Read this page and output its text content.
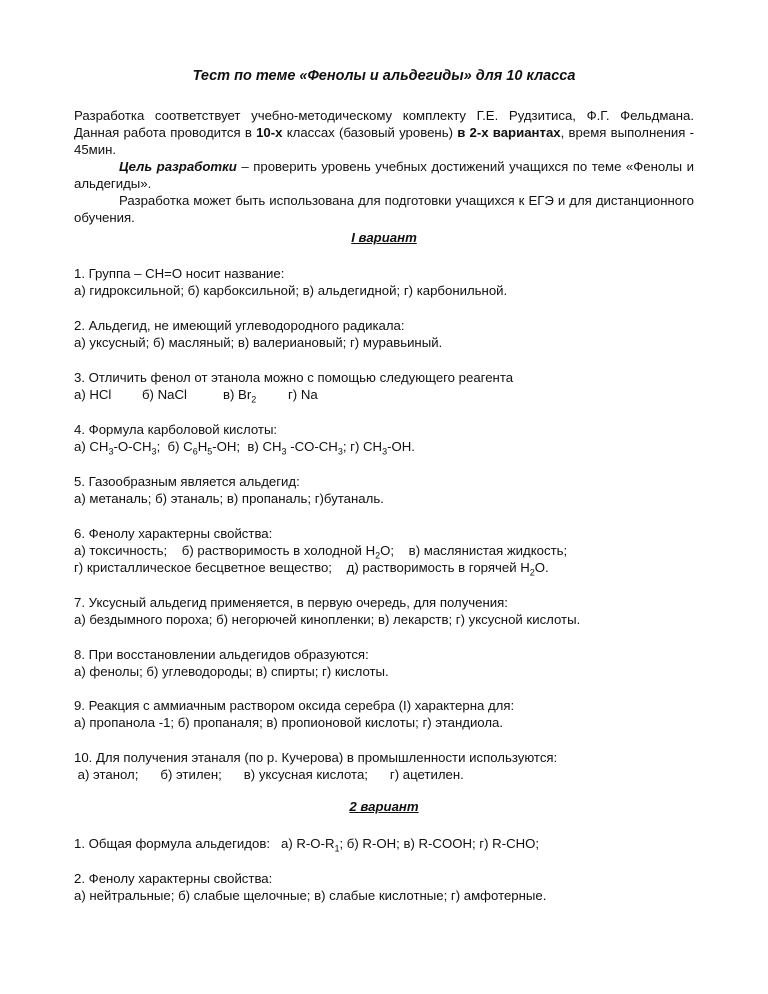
Тест по теме «Фенолы и альдегиды» для 10 класса

Разработка соответствует учебно-методическому комплекту Г.Е. Рудзитиса, Ф.Г. Фельдмана. Данная работа проводится в 10-х классах (базовый уровень) в 2-х вариантах, время выполнения - 45мин.

Цель разработки – проверить уровень учебных достижений учащихся по теме «Фенолы и альдегиды».

Разработка может быть использована для подготовки учащихся к ЕГЭ и для дистанционного обучения.

I вариант
1. Группа – СН=О носит название:
а) гидроксильной; б) карбоксильной; в) альдегидной; г) карбонильной.
2. Альдегид, не имеющий углеводородного радикала:
а) уксусный; б) масляный; в) валериановый; г) муравьиный.
3. Отличить фенол от этанола можно с помощью следующего реагента
а) HCl б) NaCl	в) $Br_2$ г) Na
4. Формула карболовой кислоты:
а) $CH_3-O-CH_3$;  б) $C_6H_5-OH$;  в) $CH_3$ $-CO-CH_3$; г) $CH_3-OH$.
5. Газообразным является альдегид:
а) метаналь; б) этаналь; в) пропаналь; г)бутаналь.
6. Фенолу характерны свойства:
а) токсичность;    б) растворимость в холодной $H_2O$;    в) маслянистая жидкость;
г) кристаллическое бесцветное вещество;    д) растворимость в горячей $H_2O$.
7. Уксусный альдегид применяется, в первую очередь, для получения:
а) бездымного пороха; б) негорючей кинопленки; в) лекарств; г) уксусной кислоты.
8. При восстановлении альдегидов образуются:
а) фенолы; б) углеводороды; в) спирты; г) кислоты.
9. Реакция с аммиачным раствором оксида серебра (I) характерна для:
а) пропанола -1; б) пропаналя; в) пропионовой кислоты; г) этандиола.
10. Для получения этаналя (по р. Кучерова) в промышленности используются:
а) этанол;      б) этилен;      в) уксусная кислота;      г) ацетилен.
2 вариант
1. Общая формула альдегидов:   а) $R-O-R_1$; б) R-OH; в) R-COOH; г) R-CHO;
2. Фенолу характерны свойства:
а) нейтральные; б) слабые щелочные; в) слабые кислотные; г) амфотерные.
